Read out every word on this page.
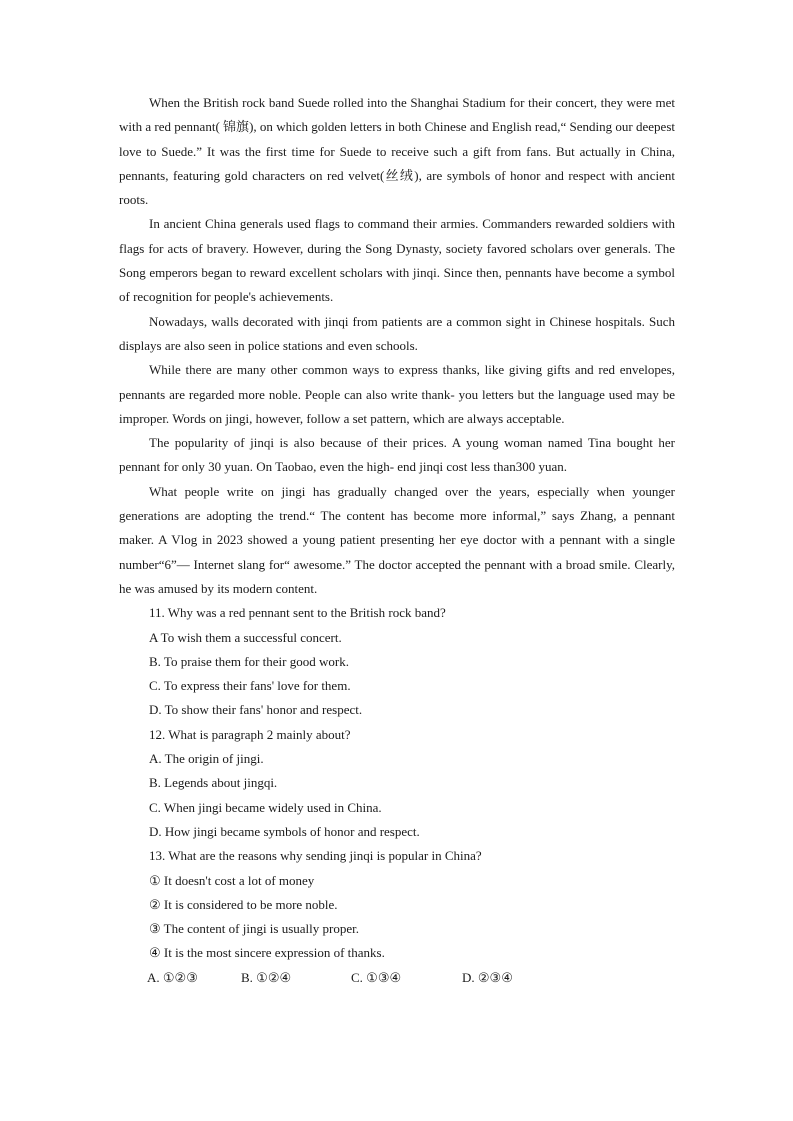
When the British rock band Suede rolled into the Shanghai Stadium for their concert, they were met with a red pennant( 锦旗), on which golden letters in both Chinese and English read,“ Sending our deepest love to Suede.” It was the first time for Suede to receive such a gift from fans. But actually in China, pennants, featuring gold characters on red velvet(丝绒), are symbols of honor and respect with ancient roots.

In ancient China generals used flags to command their armies. Commanders rewarded soldiers with flags for acts of bravery. However, during the Song Dynasty, society favored scholars over generals. The Song emperors began to reward excellent scholars with jinqi. Since then, pennants have become a symbol of recognition for people's achievements.

Nowadays, walls decorated with jinqi from patients are a common sight in Chinese hospitals. Such displays are also seen in police stations and even schools.

While there are many other common ways to express thanks, like giving gifts and red envelopes, pennants are regarded more noble. People can also write thank- you letters but the language used may be improper. Words on jingi, however, follow a set pattern, which are always acceptable.

The popularity of jinqi is also because of their prices. A young woman named Tina bought her pennant for only 30 yuan. On Taobao, even the high- end jinqi cost less than300 yuan.

What people write on jingi has gradually changed over the years, especially when younger generations are adopting the trend.“ The content has become more informal,” says Zhang, a pennant maker. A Vlog in 2023 showed a young patient presenting her eye doctor with a pennant with a single number“6”— Internet slang for“ awesome.” The doctor accepted the pennant with a broad smile. Clearly, he was amused by its modern content.

11. Why was a red pennant sent to the British rock band?

A To wish them a successful concert.

B. To praise them for their good work.

C. To express their fans' love for them.

D. To show their fans' honor and respect.

12. What is paragraph 2 mainly about?

A. The origin of jingi.

B. Legends about jingqi.

C. When jingi became widely used in China.

D. How jingi became symbols of honor and respect.

13. What are the reasons why sending jinqi is popular in China?

① It doesn't cost a lot of money

② It is considered to be more noble.

③ The content of jingi is usually proper.

④ It is the most sincere expression of thanks.

A. ①②③	B. ①②④	C. ①③④	D. ②③④
